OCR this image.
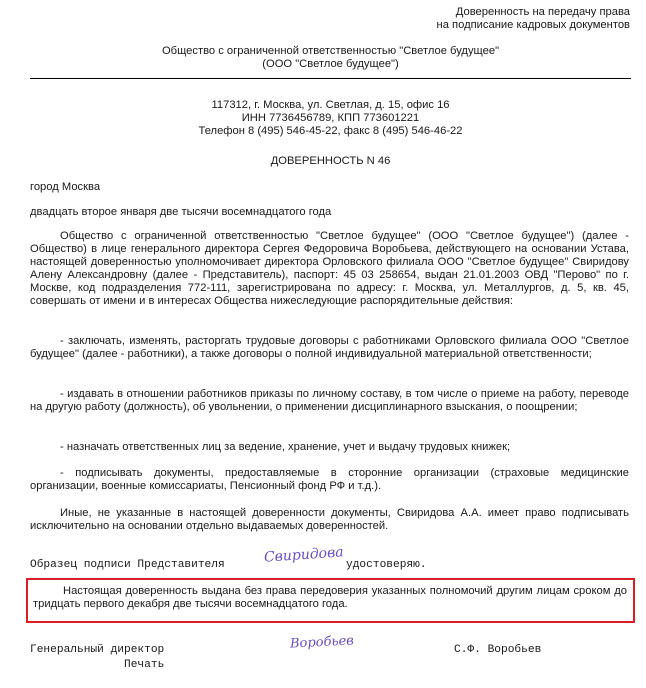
Доверенность на передачу права
на подписание кадровых документов
Общество с ограниченной ответственностью "Светлое будущее"
(ООО "Светлое будущее")
117312, г. Москва, ул. Светлая, д. 15, офис 16
ИНН 7736456789, КПП 773601221
Телефон 8 (495) 546-45-22, факс 8 (495) 546-46-22
ДОВЕРЕННОСТЬ N 46
город Москва
двадцать второе января две тысячи восемнадцатого года
Общество с ограниченной ответственностью "Светлое будущее" (ООО "Светлое будущее") (далее - Общество) в лице генерального директора Сергея Федоровича Воробьева, действующего на основании Устава, настоящей доверенностью уполномочивает директора Орловского филиала ООО "Светлое будущее" Свиридову Алену Александровну (далее - Представитель), паспорт: 45 03 258654, выдан 21.01.2003 ОВД "Перово" по г. Москве, код подразделения 772-111, зарегистрирована по адресу: г. Москва, ул. Металлургов, д. 5, кв. 45, совершать от имени и в интересах Общества нижеследующие распорядительные действия:
- заключать, изменять, расторгать трудовые договоры с работниками Орловского филиала ООО "Светлое будущее" (далее - работники), а также договоры о полной индивидуальной материальной ответственности;
- издавать в отношении работников приказы по личному составу, в том числе о приеме на работу, переводе на другую работу (должность), об увольнении, о применении дисциплинарного взыскания, о поощрении;
- назначать ответственных лиц за ведение, хранение, учет и выдачу трудовых книжек;
- подписывать документы, предоставляемые в сторонние организации (страховые медицинские организации, военные комиссариаты, Пенсионный фонд РФ и т.д.).
Иные, не указанные в настоящей доверенности документы, Свиридова А.А. имеет право подписывать исключительно на основании отдельно выдаваемых доверенностей.
Образец подписи Представителя	Свиридова удостоверяю.
Настоящая доверенность выдана без права передоверия указанных полномочий другим лицам сроком до тридцать первого декабря две тысячи восемнадцатого года.
Генеральный директор	Воробьев	С.Ф. Воробьев
Печать
